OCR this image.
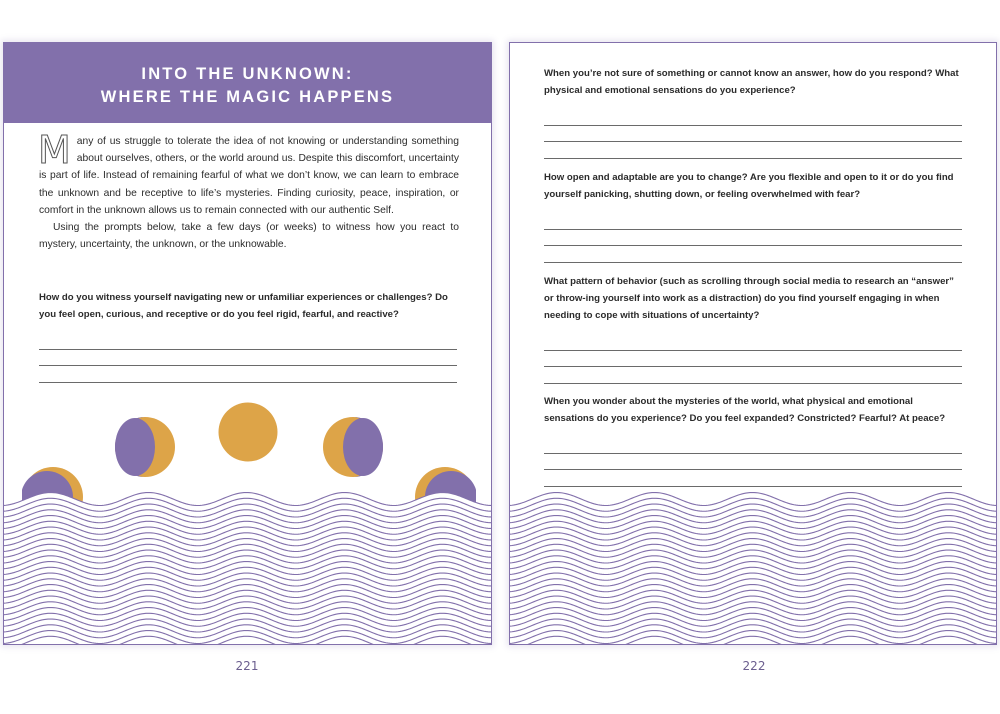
INTO THE UNKNOWN:
WHERE THE MAGIC HAPPENS

Many of us struggle to tolerate the idea of not knowing or understanding something about ourselves, others, or the world around us. Despite this discomfort, uncertainty is part of life. Instead of remaining fearful of what we don’t know, we can learn to embrace the unknown and be receptive to life’s mysteries. Finding curiosity, peace, inspiration, or comfort in the unknown allows us to remain connected with our authentic Self.

Using the prompts below, take a few days (or weeks) to witness how you react to mystery, uncertainty, the unknown, or the unknowable.

How do you witness yourself navigating new or unfamiliar experiences or challenges? Do you feel open, curious, and receptive or do you feel rigid, fearful, and reactive?

221

When you’re not sure of something or cannot know an answer, how do you respond? What physical and emotional sensations do you experience?

How open and adaptable are you to change? Are you flexible and open to it or do you find yourself panicking, shutting down, or feeling overwhelmed with fear?

What pattern of behavior (such as scrolling through social media to research an “answer” or throw-ing yourself into work as a distraction) do you find yourself engaging in when needing to cope with situations of uncertainty?

When you wonder about the mysteries of the world, what physical and emotional sensations do you experience? Do you feel expanded? Constricted? Fearful? At peace?

222
